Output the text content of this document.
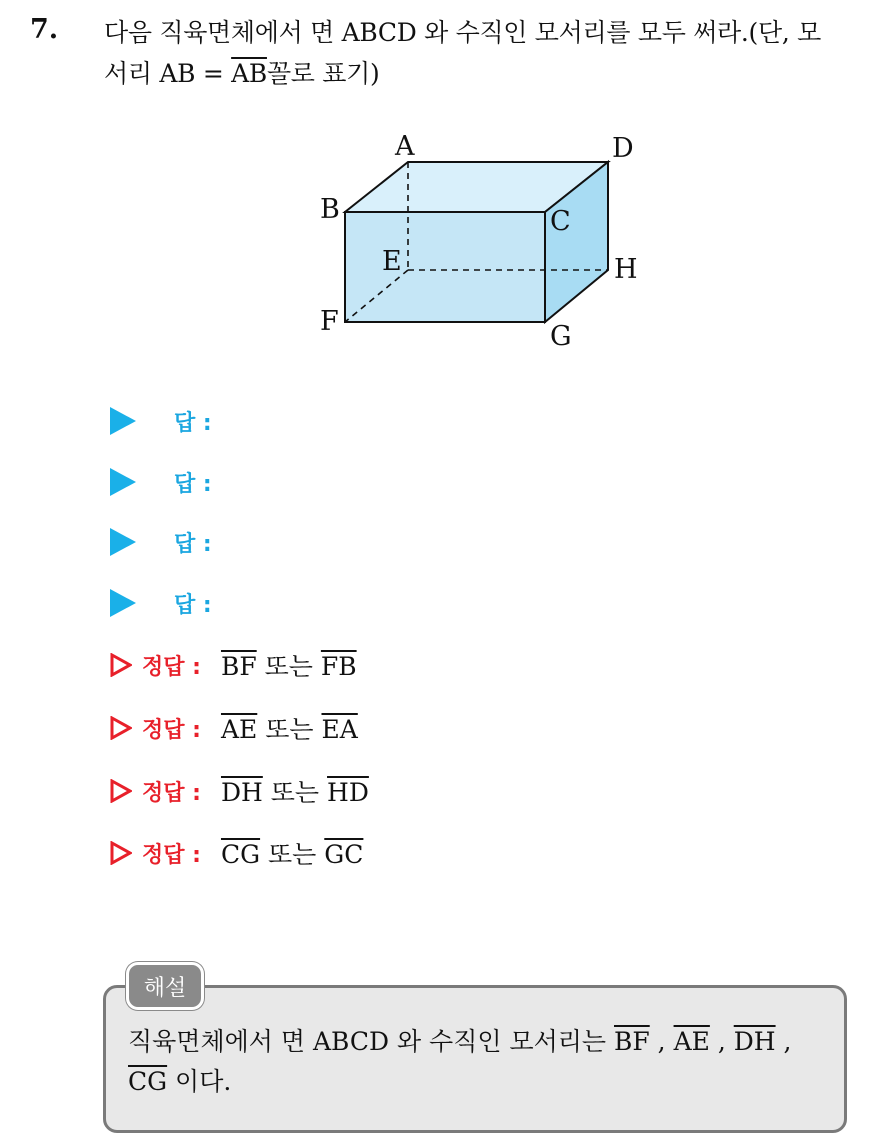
7. 다음 직육면체에서 면 ABCD 와 수직인 모서리를 모두 써라.(단, 모
서리 AB = $\overline{AB}$꼴로 표기)
A
B	C
D
E
F	G
H
답 :
답 :
답 :
답 :
정답 : $\overline{BF}$ 또는 $\overline{FB}$
정답 : $\overline{AE}$ 또는 $\overline{EA}$
정답 : $\overline{DH}$ 또는 $\overline{HD}$
정답 : $\overline{CG}$ 또는 $\overline{GC}$
해설
직육면체에서 면 ABCD 와 수직인 모서리는 $\overline{BF}$ , $\overline{AE}$ , $\overline{DH}$ ,
$\overline{CG}$ 이다.
